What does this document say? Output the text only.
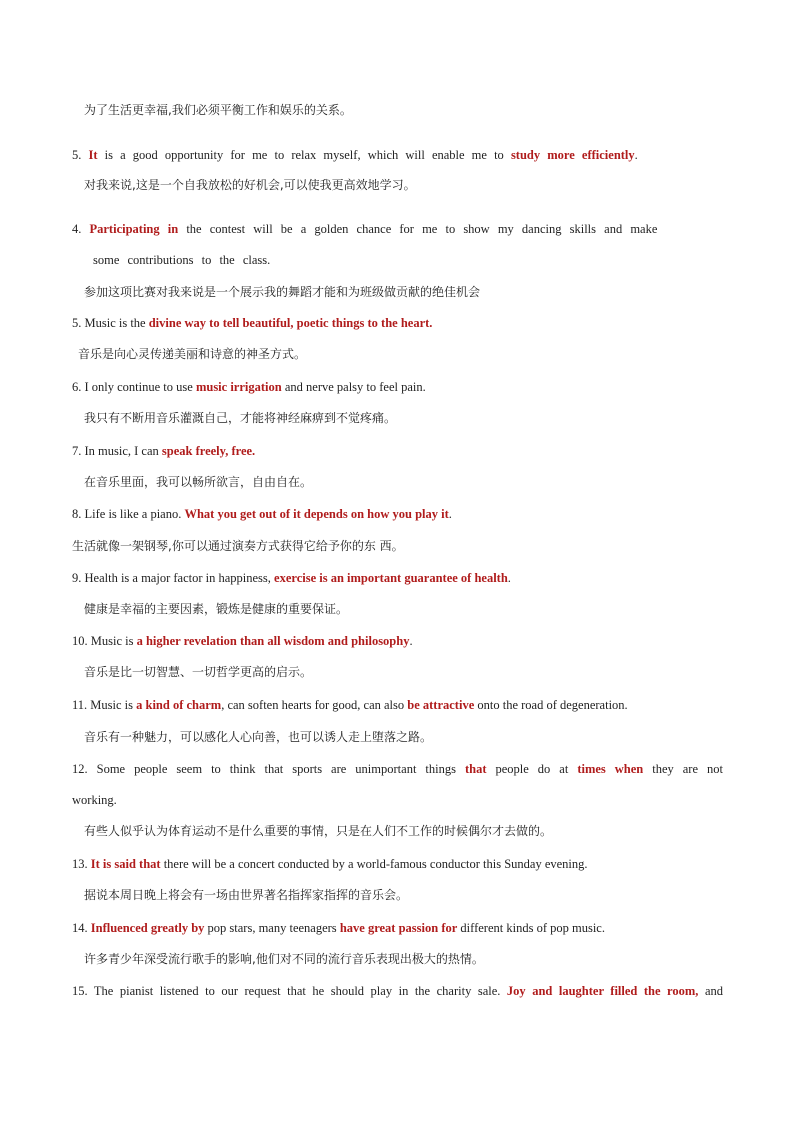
为了生活更幸福,我们必须平衡工作和娱乐的关系。
5. It is a good opportunity for me to relax myself, which will enable me to study more efficiently.
对我来说,这是一个自我放松的好机会,可以使我更高效地学习。
4. Participating in the contest will be a golden chance for me to show my dancing skills and make
some contributions to the class.
参加这项比赛对我来说是一个展示我的舞蹈才能和为班级做贡献的绝佳机会
5. Music is the divine way to tell beautiful, poetic things to the heart.
音乐是向心灵传递美丽和诗意的神圣方式。
6. I only continue to use music irrigation and nerve palsy to feel pain.
我只有不断用音乐灌溉自己，才能将神经麻痹到不觉疼痛。
7. In music, I can speak freely, free.
在音乐里面，我可以畅所欲言，自由自在。
8. Life is like a piano. What you get out of it depends on how you play it.
生活就像一架钢琴,你可以通过演奏方式获得它给予你的东 西。
9. Health is a major factor in happiness, exercise is an important guarantee of health.
健康是幸福的主要因素，锻炼是健康的重要保证。
10. Music is a higher revelation than all wisdom and philosophy.
音乐是比一切智慧、一切哲学更高的启示。
11. Music is a kind of charm, can soften hearts for good, can also be attractive onto the road of degeneration.
音乐有一种魅力，可以感化人心向善，也可以诱人走上堕落之路。
12. Some people seem to think that sports are unimportant things that people do at times when they are not
working.
有些人似乎认为体育运动不是什么重要的事情，只是在人们不工作的时候偶尔才去做的。
13. It is said that there will be a concert conducted by a world-famous conductor this Sunday evening.
据说本周日晚上将会有一场由世界著名指挥家指挥的音乐会。
14. Influenced greatly by pop stars, many teenagers have great passion for different kinds of pop music.
许多青少年深受流行歌手的影响,他们对不同的流行音乐表现出极大的热情。
15. The pianist listened to our request that he should play in the charity sale. Joy and laughter filled the room, and
